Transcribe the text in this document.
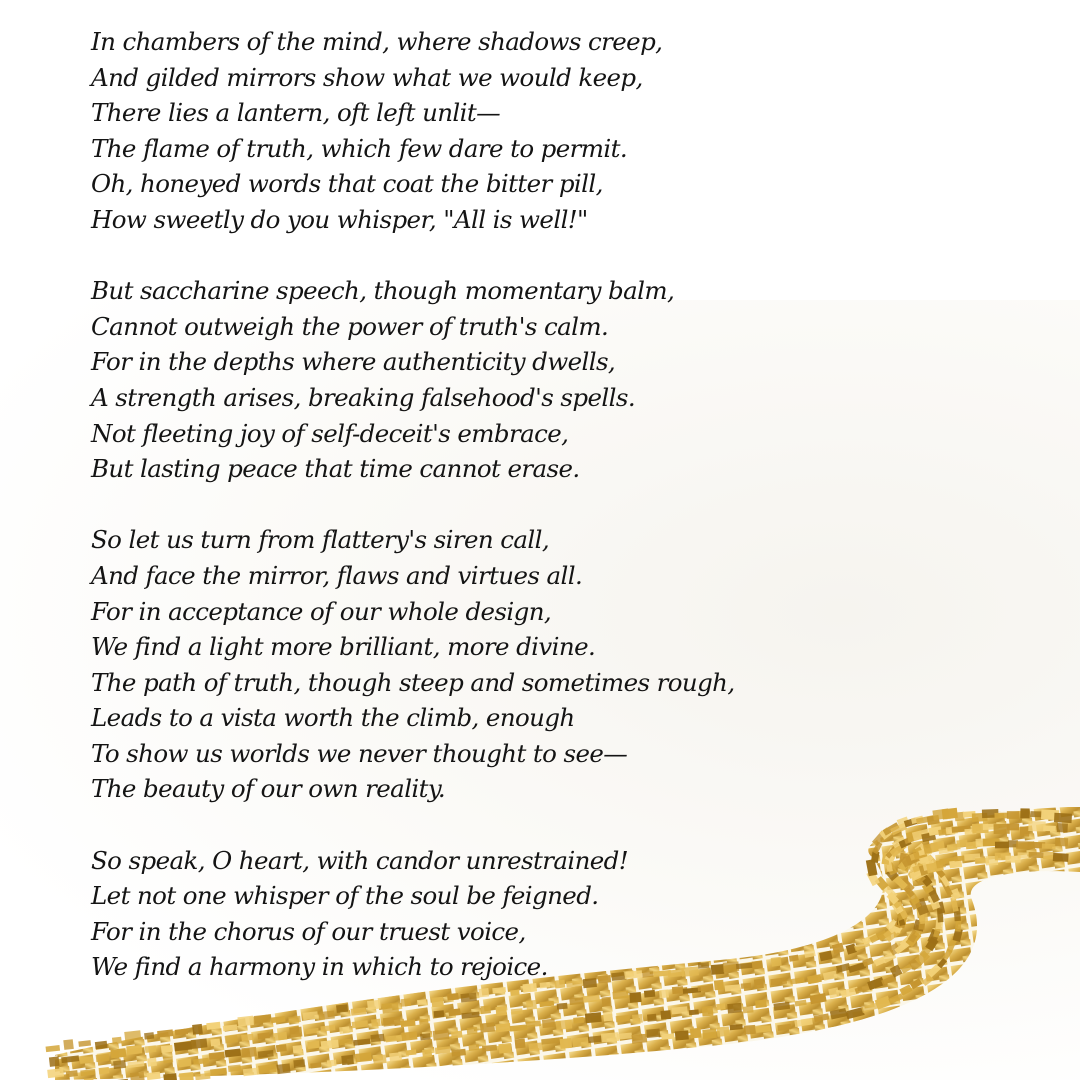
In chambers of the mind, where shadows creep,
And gilded mirrors show what we would keep,
There lies a lantern, oft left unlit—
The flame of truth, which few dare to permit.
Oh, honeyed words that coat the bitter pill,
How sweetly do you whisper, "All is well!"
But saccharine speech, though momentary balm,
Cannot outweigh the power of truth's calm.
For in the depths where authenticity dwells,
A strength arises, breaking falsehood's spells.
Not fleeting joy of self-deceit's embrace,
But lasting peace that time cannot erase.
So let us turn from flattery's siren call,
And face the mirror, flaws and virtues all.
For in acceptance of our whole design,
We find a light more brilliant, more divine.
The path of truth, though steep and sometimes rough,
Leads to a vista worth the climb, enough
To show us worlds we never thought to see—
The beauty of our own reality.
So speak, O heart, with candor unrestrained!
Let not one whisper of the soul be feigned.
For in the chorus of our truest voice,
We find a harmony in which to rejoice.
